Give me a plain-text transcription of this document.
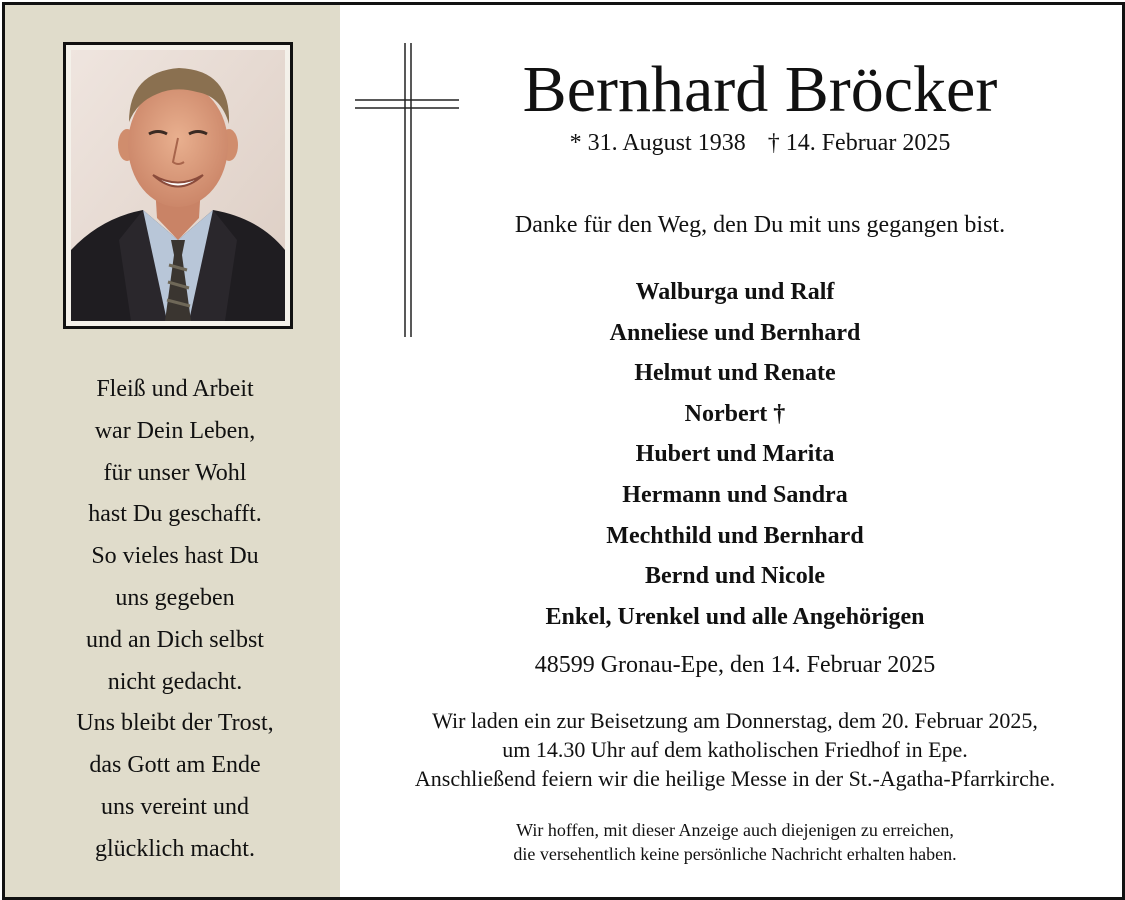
Fleiß und Arbeit
war Dein Leben,
für unser Wohl
hast Du geschafft.
So vieles hast Du
uns gegeben
und an Dich selbst
nicht gedacht.
Uns bleibt der Trost,
das Gott am Ende
uns vereint und
glücklich macht.
Bernhard Bröcker
* 31. August 1938 † 14. Februar 2025
Danke für den Weg, den Du mit uns gegangen bist.
Walburga und Ralf
Anneliese und Bernhard
Helmut und Renate
Norbert †
Hubert und Marita
Hermann und Sandra
Mechthild und Bernhard
Bernd und Nicole
Enkel, Urenkel und alle Angehörigen
48599 Gronau-Epe, den 14. Februar 2025
Wir laden ein zur Beisetzung am Donnerstag, dem 20. Februar 2025,
um 14.30 Uhr auf dem katholischen Friedhof in Epe.
Anschließend feiern wir die heilige Messe in der St.-Agatha-Pfarrkirche.
Wir hoffen, mit dieser Anzeige auch diejenigen zu erreichen,
die versehentlich keine persönliche Nachricht erhalten haben.
